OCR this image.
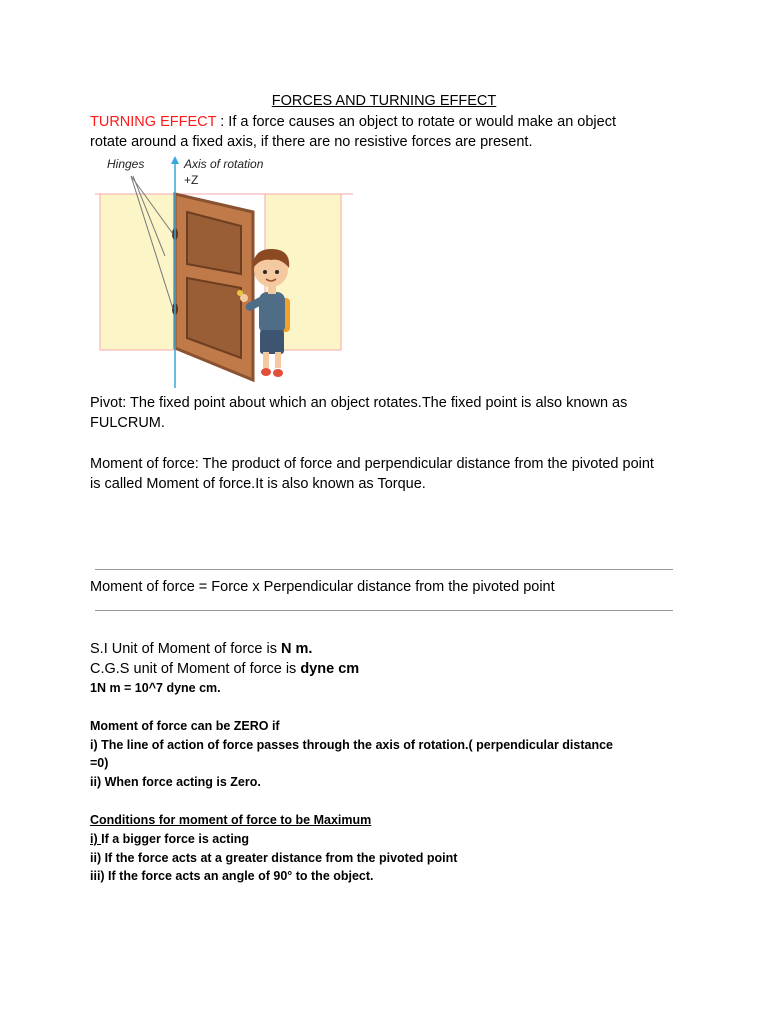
FORCES AND TURNING EFFECT
TURNING EFFECT : If a force causes an object to rotate or would make an object
rotate around a fixed axis, if there are no resistive forces are present.
Hinges	Axis of rotation
+Z
Pivot: The fixed point about which an object rotates.The fixed point is also known as
FULCRUM.
Moment of force: The product of force and perpendicular distance from the pivoted point
is called Moment of force.It is also known as Torque.
Moment of force = Force x Perpendicular distance from the pivoted point
S.I Unit of Moment of force is N m.
C.G.S unit of Moment of force is dyne cm
1N m = 10^7 dyne cm.
Moment of force can be ZERO if
i) The line of action of force passes through the axis of rotation.( perpendicular distance
=0)
ii) When force acting is Zero.
Conditions for moment of force to be Maximum
i) If a bigger force is acting
ii) If the force acts at a greater distance from the pivoted point
iii) If the force acts an angle of 90° to the object.
